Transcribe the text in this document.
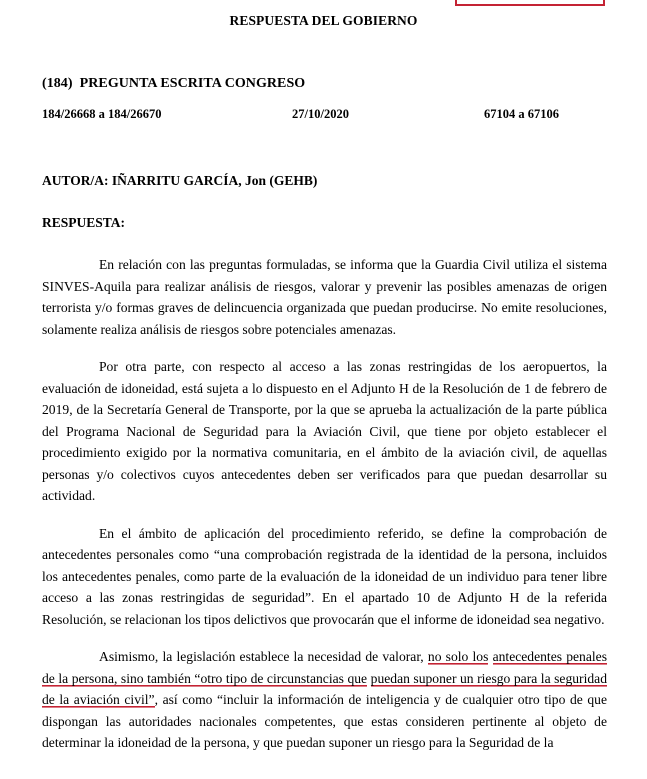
RESPUESTA DEL GOBIERNO
(184)  PREGUNTA ESCRITA CONGRESO
184/26668 a 184/26670	27/10/2020	67104 a 67106
AUTOR/A: IÑARRITU GARCÍA, Jon (GEHB)
RESPUESTA:

En relación con las preguntas formuladas, se informa que la Guardia Civil utiliza el sistema SINVES-Aquila para realizar análisis de riesgos, valorar y prevenir las posibles amenazas de origen terrorista y/o formas graves de delincuencia organizada que puedan producirse. No emite resoluciones, solamente realiza análisis de riesgos sobre potenciales amenazas.

Por otra parte, con respecto al acceso a las zonas restringidas de los aeropuertos, la evaluación de idoneidad, está sujeta a lo dispuesto en el Adjunto H de la Resolución de 1 de febrero de 2019, de la Secretaría General de Transporte, por la que se aprueba la actualización de la parte pública del Programa Nacional de Seguridad para la Aviación Civil, que tiene por objeto establecer el procedimiento exigido por la normativa comunitaria, en el ámbito de la aviación civil, de aquellas personas y/o colectivos cuyos antecedentes deben ser verificados para que puedan desarrollar su actividad.

En el ámbito de aplicación del procedimiento referido, se define la comprobación de antecedentes personales como “una comprobación registrada de la identidad de la persona, incluidos los antecedentes penales, como parte de la evaluación de la idoneidad de un individuo para tener libre acceso a las zonas restringidas de seguridad”. En el apartado 10 de Adjunto H de la referida Resolución, se relacionan los tipos delictivos que provocarán que el informe de idoneidad sea negativo.

Asimismo, la legislación establece la necesidad de valorar, no solo los antecedentes penales de la persona, sino también “otro tipo de circunstancias que puedan suponer un riesgo para la seguridad de la aviación civil”, así como “incluir la información de inteligencia y de cualquier otro tipo de que dispongan las autoridades nacionales competentes, que estas consideren pertinente al objeto de determinar la idoneidad de la persona, y que puedan suponer un riesgo para la Seguridad de la
